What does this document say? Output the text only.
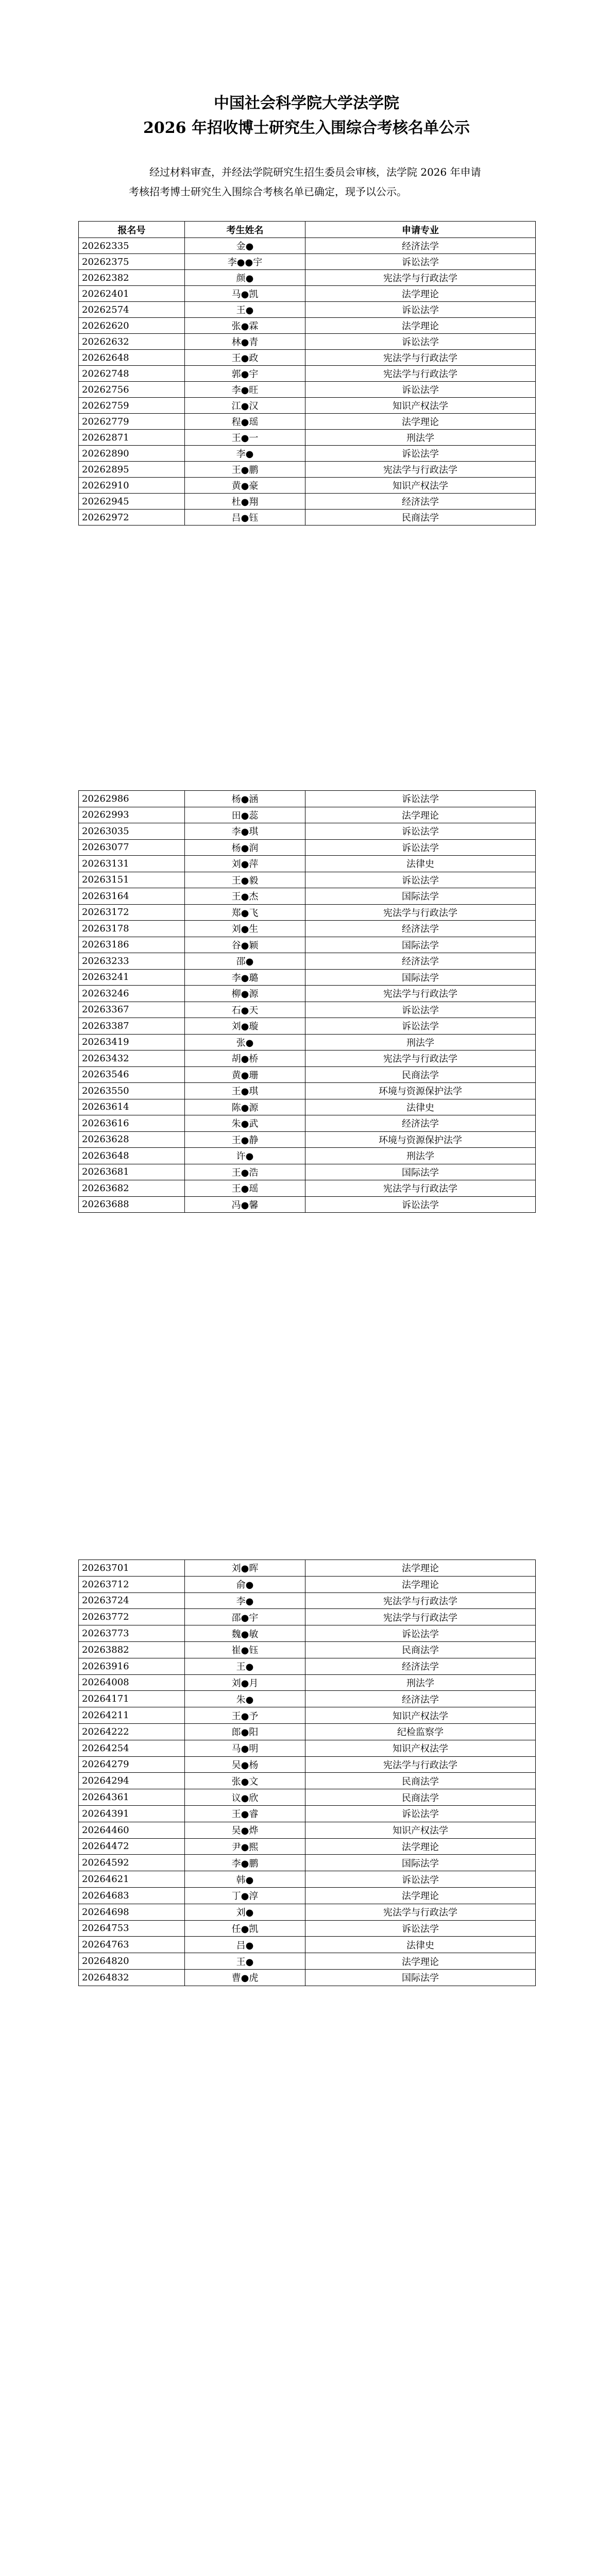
中国社会科学院大学法学院
2026 年招收博士研究生入围综合考核名单公示

经过材料审查，并经法学院研究生招生委员会审核，法学院 2026 年申请考核招考博士研究生入围综合考核名单已确定，现予以公示。

报名号	考生姓名	申请专业
20262335	金●	经济法学
20262375	李●●宇	诉讼法学
20262382	颜●	宪法学与行政法学
20262401	马●凯	法学理论
20262574	王●	诉讼法学
20262620	张●霖	法学理论
20262632	林●青	诉讼法学
20262648	王●政	宪法学与行政法学
20262748	郭●宇	宪法学与行政法学
20262756	李●旺	诉讼法学
20262759	江●汉	知识产权法学
20262779	程●瑶	法学理论
20262871	王●一	刑法学
20262890	李●	诉讼法学
20262895	王●鹏	宪法学与行政法学
20262910	黄●豪	知识产权法学
20262945	杜●翔	经济法学
20262972	吕●钰	民商法学
20262986	杨●涵	诉讼法学
20262993	田●蕊	法学理论
20263035	李●琪	诉讼法学
20263077	杨●润	诉讼法学
20263131	刘●萍	法律史
20263151	王●毅	诉讼法学
20263164	王●杰	国际法学
20263172	郑●飞	宪法学与行政法学
20263178	刘●生	经济法学
20263186	谷●颖	国际法学
20263233	邵●	经济法学
20263241	李●璐	国际法学
20263246	柳●源	宪法学与行政法学
20263367	石●天	诉讼法学
20263387	刘●璇	诉讼法学
20263419	张●	刑法学
20263432	胡●桥	宪法学与行政法学
20263546	黄●珊	民商法学
20263550	王●琪	环境与资源保护法学
20263614	陈●源	法律史
20263616	朱●武	经济法学
20263628	王●静	环境与资源保护法学
20263648	许●	刑法学
20263681	王●浩	国际法学
20263682	王●瑶	宪法学与行政法学
20263688	冯●馨	诉讼法学
20263701	刘●晖	法学理论
20263712	俞●	法学理论
20263724	李●	宪法学与行政法学
20263772	邵●宇	宪法学与行政法学
20263773	魏●敏	诉讼法学
20263882	崔●钰	民商法学
20263916	王●	经济法学
20264008	刘●月	刑法学
20264171	朱●	经济法学
20264211	王●予	知识产权法学
20264222	郎●阳	纪检监察学
20264254	马●明	知识产权法学
20264279	吴●杨	宪法学与行政法学
20264294	张●文	民商法学
20264361	议●欣	民商法学
20264391	王●睿	诉讼法学
20264460	吴●烨	知识产权法学
20264472	尹●熙	法学理论
20264592	李●鹏	国际法学
20264621	韩●	诉讼法学
20264683	丁●淳	法学理论
20264698	刘●	宪法学与行政法学
20264753	任●凯	诉讼法学
20264763	吕●	法律史
20264820	王●	法学理论
20264832	曹●虎	国际法学
